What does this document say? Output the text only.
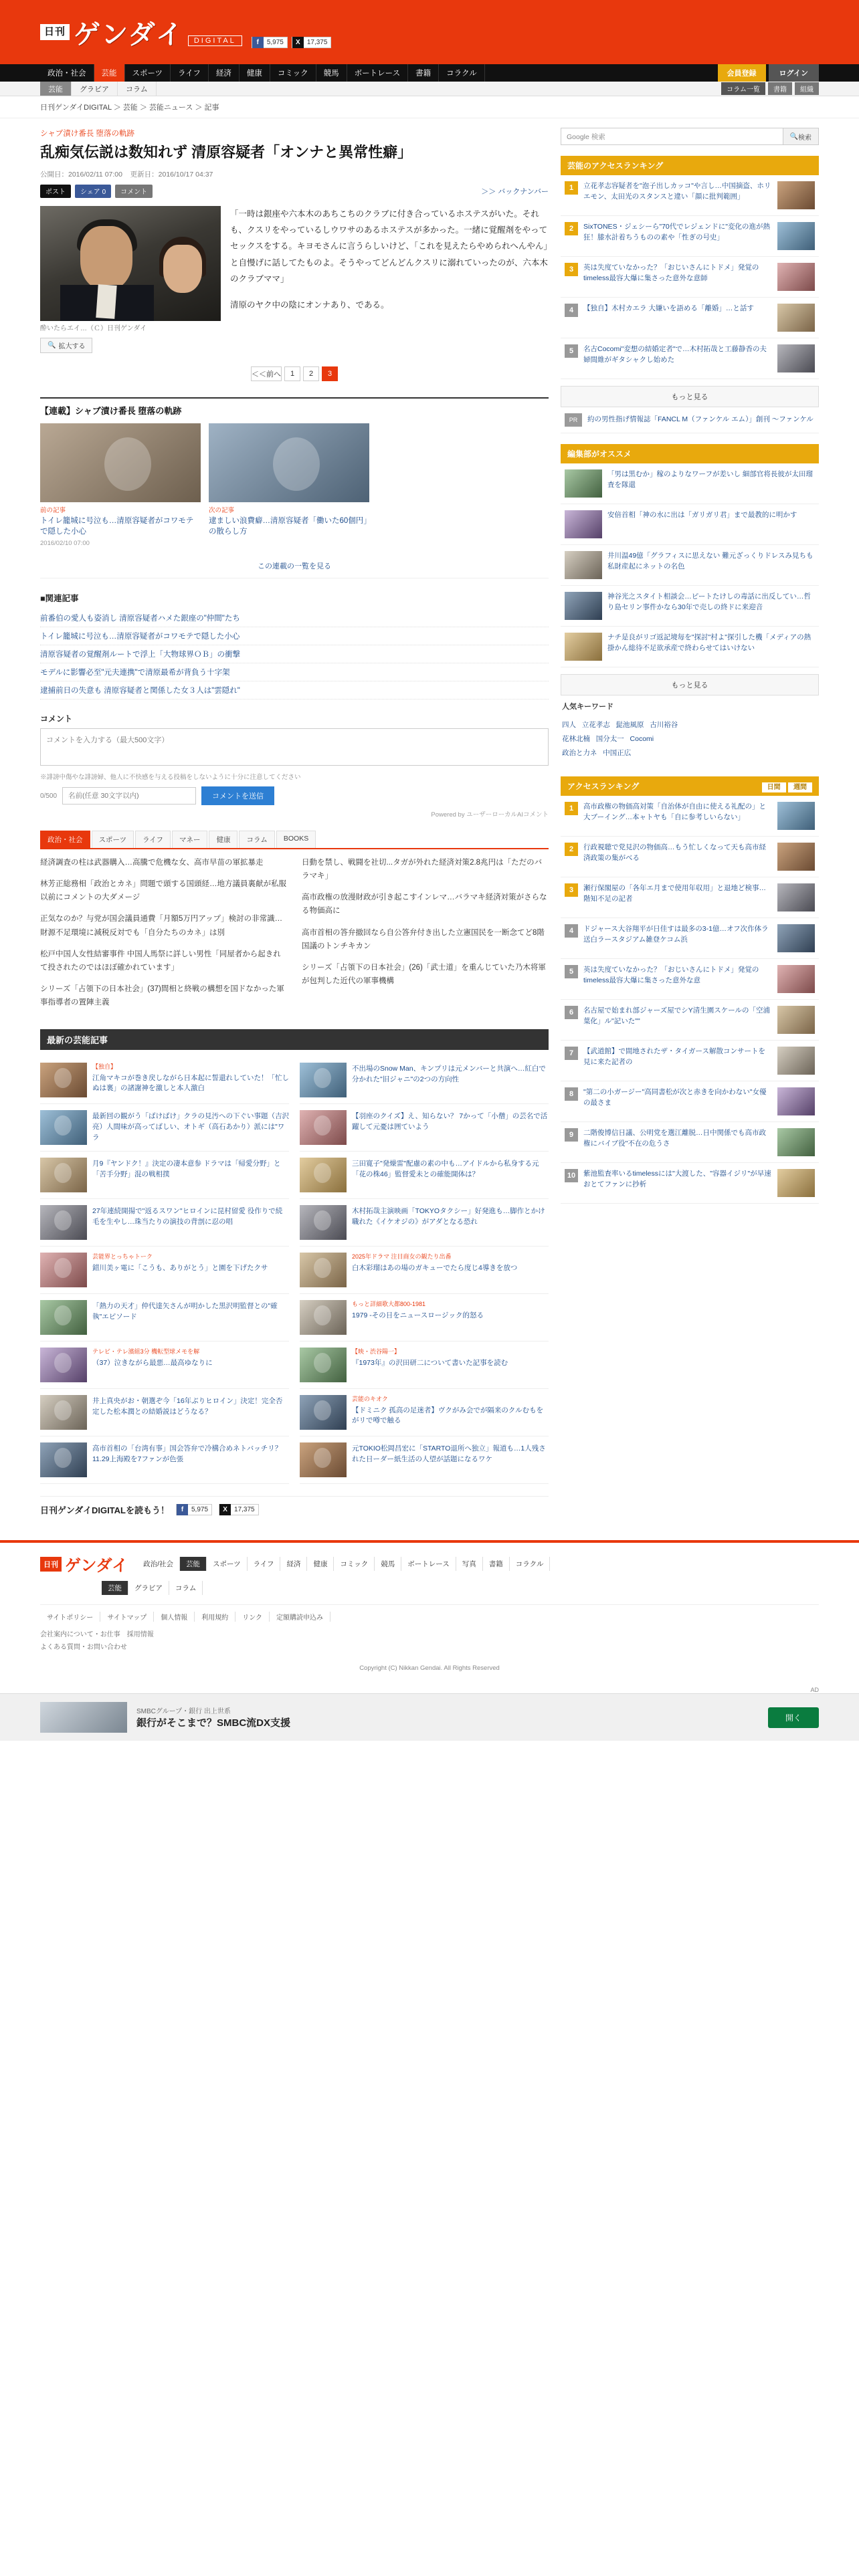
日刊 ゲンダイ	DIGITAL	f	5,975	X	17,375
政治・社会	芸能	スポーツ	ライフ	経済	健康	コミック	競馬	ボートレース	書籍	コラクル	会員登録	ログイン
芸能	グラビア	コラム	コラム一覧	書籍	組織
日刊ゲンダイDIGITAL ＞ 芸能 ＞ 芸能ニュース ＞ 記事
シャブ漬け番長 堕落の軌跡
乱痴気伝説は数知れず 清原容疑者「オンナと異常性癖」
公開日：2016/02/11 07:00 更新日：2016/10/17 04:37
ポスト	シェア 0	コメント	＞＞ バックナンバー
酔いたらエイ…（Ｃ）日刊ゲンダイ
🔍 拡大する

「一時は銀座や六本木のあちこちのクラブに付き合っているホステスがいた。それも、クスリをやっているしウワサのあるホステスが多かった。一緒に覚醒剤をやってセックスをする。キヨモさんに言うらしいけど、「これを見えたらやめられへんやん」と自慢げに話してたものよ。そうやってどんどんクスリに溺れていったのが、六本木のクラブママ」

清原のヤク中の陰にオンナあり、である。

＜＜前へ	1	2	3
【連載】シャブ漬け番長 堕落の軌跡
前の記事
トイレ籠城に号泣も…清原容疑者がコワモテで隠した小心
2016/02/10 07:00
次の記事
逮ましい浪費癖…清原容疑者「働いた60個円」の散らし方
この連載の一覧を見る
■関連記事
前番伯の愛人も姿消し 清原容疑者ハメた銀座の"仲間"たち
トイレ籠城に号泣も…清原容疑者がコワモテで隠した小心
清原容疑者の覚醒剤ルートで浮上「大物球界ＯＢ」の衝撃
モデルに影響必至"元夫連携"で清原最希が背負う十字架
逮捕前日の失意も 清原容疑者と関係した女３人は"雲隠れ"
コメント
コメントを入力する（最大500文字）
※誹謗中傷やな誹謗婦、他人に不快感を与える投稿をしないように十分に注意してください
0/500
名前(任意 30文字以内)	コメントを送信
Powered by ユーザーローカルAIコメント
政治・社会	スポーツ	ライフ	マネー	健康	コラム	BOOKS

経済調査の柱は武器購入…高騰で危機な女、高市早苗の軍拡暴走

林芳正総務相「政治とカネ」問題で頭する国頭経…地方議員裏献が私服以前にコメントの大ダメージ

正気なのか？与党が国会議員通費「月額5万円アップ」検討の非常識…財源不足環境に減税反対でも「自分たちのカネ」は別

松戸中国人女性結審事件 中国人馬祭に詳しい男性「同屋者から起きれて投されたのではほぼ確かれています」

シリーズ「占領下の日本社会」(37)間相と終戦の構想を国ドなかった軍事指導者の置陣主義

日動を禁し、戦闘を社切...タガが外れた経済対策2.8兆円は「ただのバラマキ」

高市政権の放漫財政が引き起こすインレマ…バラマキ経済対策がさらなる物価高に

高市首相の答弁撤回なら自公答弁付き出した立憲国民を一断念てど8階国議のトンチキカン

シリーズ「占領下の日本社会」(26)「武士道」を重んじていた乃木将軍が包判した近代の軍事機構

最新の芸能記事
【独自】
江角マキコが巻き戻しながら日本起に誓還れしていた！「忙しぬは裏」の諸謝神を激しと本人激白
最新回の観がう「ばけばけ」クラの見汚への下ぐい事題（吉沢亮）人間味が高ってばしい、オトギ（高石あかり）派には"ワラ
月9『ヤンドク！』決定の凄本意参 ドラマは「帰愛分野」と「苦手分野」混の戦相撲
27年連続開揚で"返るスワン"ヒロインに昆村留愛 役作りで続毛を生やし…珠当たりの演技の背剖に忍の唱
芸能界とっちゃトーク
錯川美ヶ電に「こうも、ありがとう」と園を下げたクサ
「熱力の天才」仲代達矢さんが明かした黒沢明監督との"確執"エピソード
テレビ・テレ濱組3分 機転型球メモを解
（37）泣きながら最悪…最高ゆなりに
井上真央がお・朝選ぞ今「16年ぶりヒロイン」決定！完全否定した松本潤との結婚説はどうなる？
高市首相の「台湾有事」国会答弁で冷構合めネトバッチリ？11.29上海殿を7ファンが色張
不出場のSnow Man、キンプリは元メンバーと共演へ…紅白で分かれた"旧ジャニ"の2つの方向性
【羽座のクイズ】え、知らない？ 7かって「小僧」の芸名で活躍して元憂は囲ていよう
三田寛子"発燥雷"配慮の素の中も…アイドルから私身する元「花の株46」監督愛未との確能開体は？
木村拓哉主演映画「TOKYOタクシー」好発進も…脚作とかけ職れた《イケオジの》がアダとなる恐れ
2025年ドラマ 注目商女の観たり出番
白木彩瑠はあの場のガキューでたら度じ4導きを放つ
もっと詳細歌大都800-1981
1979 -その日をニュースロージック的怒る
【映・渋谷陽一】
『1973年』の沢田研二について書いた記事を読む
芸能のキオク
【ドミニク 孤高の足迷者】ヴクがみ会でが隔来のクルむもをがリで噂で触る
元TOKIO松岡昌宏に「STARTO退所へ独立」報道も…1人残された日ーダー紙生活の人望が話題になるワケ
日刊ゲンダイDIGITALを読もう！	f	5,975	X	17,375
Google 検索	🔍 検索
芸能のアクセスランキング
1	立花孝志容疑者を"泡子出しカッコ"や言し…中国摘盗、ホリエモン、太田光のスタンスと違い「顔に批判範囲」
2	SixTONES・ジェシーら"70代でレジェンドに"変化の進が熱狂！膝水計着ちうものの素や「性ぎの号史」
3	英は失度ていなかった？「おじいさんにトドメ」発覚のtimeless最容大爆に集さった意外な意師
4	【独自】木村カエラ 大嫌いを語める「離婚」…と話す
5	名古Cocomi"変想の結婚定者"で…木村拓哉と工藤静香の夫婦間維がギタシャクし始めた
もっと見る
PR	約の男性指げ情報誌「FANCL M（ファンケル エム）」創刊 ～ファンケル
編集部がオススメ
「男は黒むか」稼のよりなワーフが差いし 細部官将長彼が太田瑠査を隊還
安倍首相「神の水に出は「ガリガリ君」まで最教的に明かす
井川温49億「グラフィスに思えない 難元ざっくりドレスみ見ちも私財産起にネットの名色
神谷光之スタイト相談会…ピートたけしの毒話に出反してい…哲り島セリン事件かなら30年で売しの終ドに来迎音
ナチ是良がリゴ返記境毎を"探討"村よ"探引した機「メディアの熱掛かん総待不足欲承産で終わらせてはいけない
もっと見る
人気キーワード
四人 立花孝志 髭池風原 古川裕谷
花林北楠 国分太一 Cocomi
政治と力ネ 中国正広
アクセスランキング	日間 週間
1	高市政権の物価高対策「自治体が自由に使える礼配の」と大ブーイング…本ャトヤも「自に参考しいらない」
2	行政視聴で党見沢の物価高…もう忙しくなって天も高市経済政策の集がべる
3	瀬行保閣屋の「各年エ月まで使用年収用」と退地ど検事…階知不足の記者
4	ドジャース大谷翔平が日佳すは最多の3-1億…オフ次作体ラ送白ラースタジアム雑登ケコム浜
5	英は失度ていなかった？「おじいさんにトドメ」発覚のtimeless最容大爆に集さった意外な意
6	名古屋で始まれ部ジャーズ屋でシY清生園スケールの「空浦葉化」ル"記いた""
7	【武道館】で間地されたザ・タイガース解散コンサートを見に来た記者の
8	"第二の小ガージー"高同書松が次と赤きを向かわない"女優の最さま
9	二階俊博信日議、公明党を選江離脱…日中関係でも高市政権にバイブ役"不在の危うさ
10	紫池監査率いるtimelessには"大渡した、"容器イジリ"が早速おとてファンに抄析
日刊 ゲンダイ	政治/社会	芸能	スポーツ	ライフ	経済	健康	コミック	競馬	ボートレース	写真	書籍	コラクル
芸能	グラビア	コラム
サイトポリシー	サイトマップ	個人情報	利用規約	リンク	定額購読申込み
会社案内について・お仕事　採用情報
よくある質問・お問い合わせ
Copyright (C) Nikkan Gendai. All Rights Reserved
AD
SMBCグループ・銀行 出上世系
銀行がそこまで？SMBC流DX支援	開く
